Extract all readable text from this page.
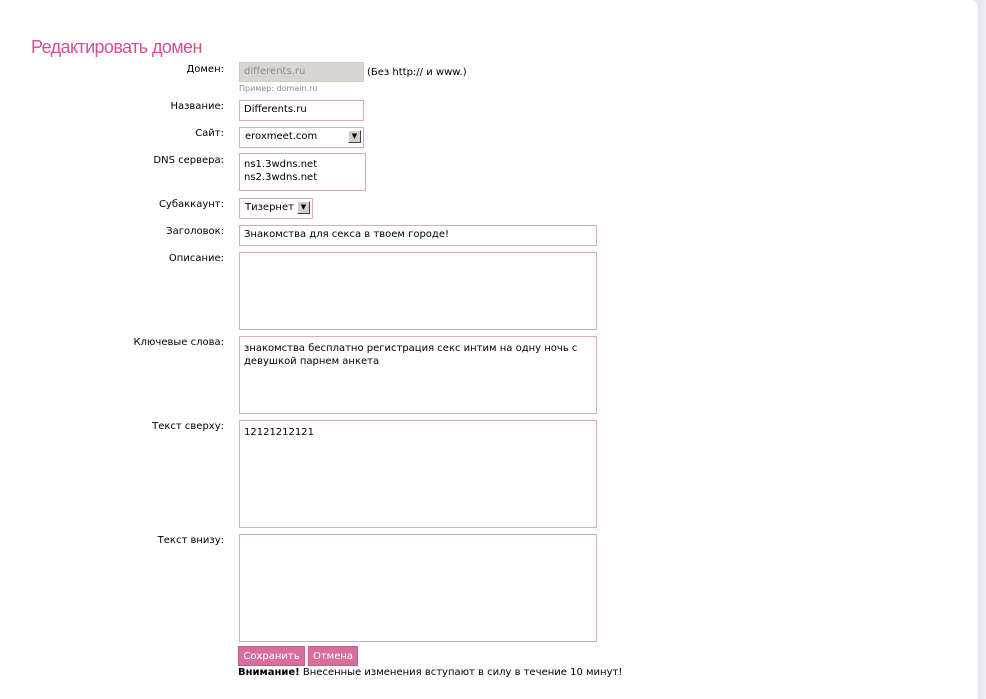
Редактировать домен
Домен:	differents.ru	(Без http:// и www.)
Пример: domain.ru
Название:	Differents.ru
Сайт:	eroxmeet.com	▼
DNS сервера: ns1.3wdns.net
ns2.3wdns.net
Субаккаунт:	Тизернет ▼
Заголовок:	Знакомства для секса в твоем городе!
Описание:
Ключевые слова:
знакомства бесплатно регистрация секс интим на одну ночь с девушкой парнем анкета
Текст сверху:
12121212121
Текст внизу:
Сохранить	Отмена
Внимание! Внесенные изменения вступают в силу в течение 10 минут!
